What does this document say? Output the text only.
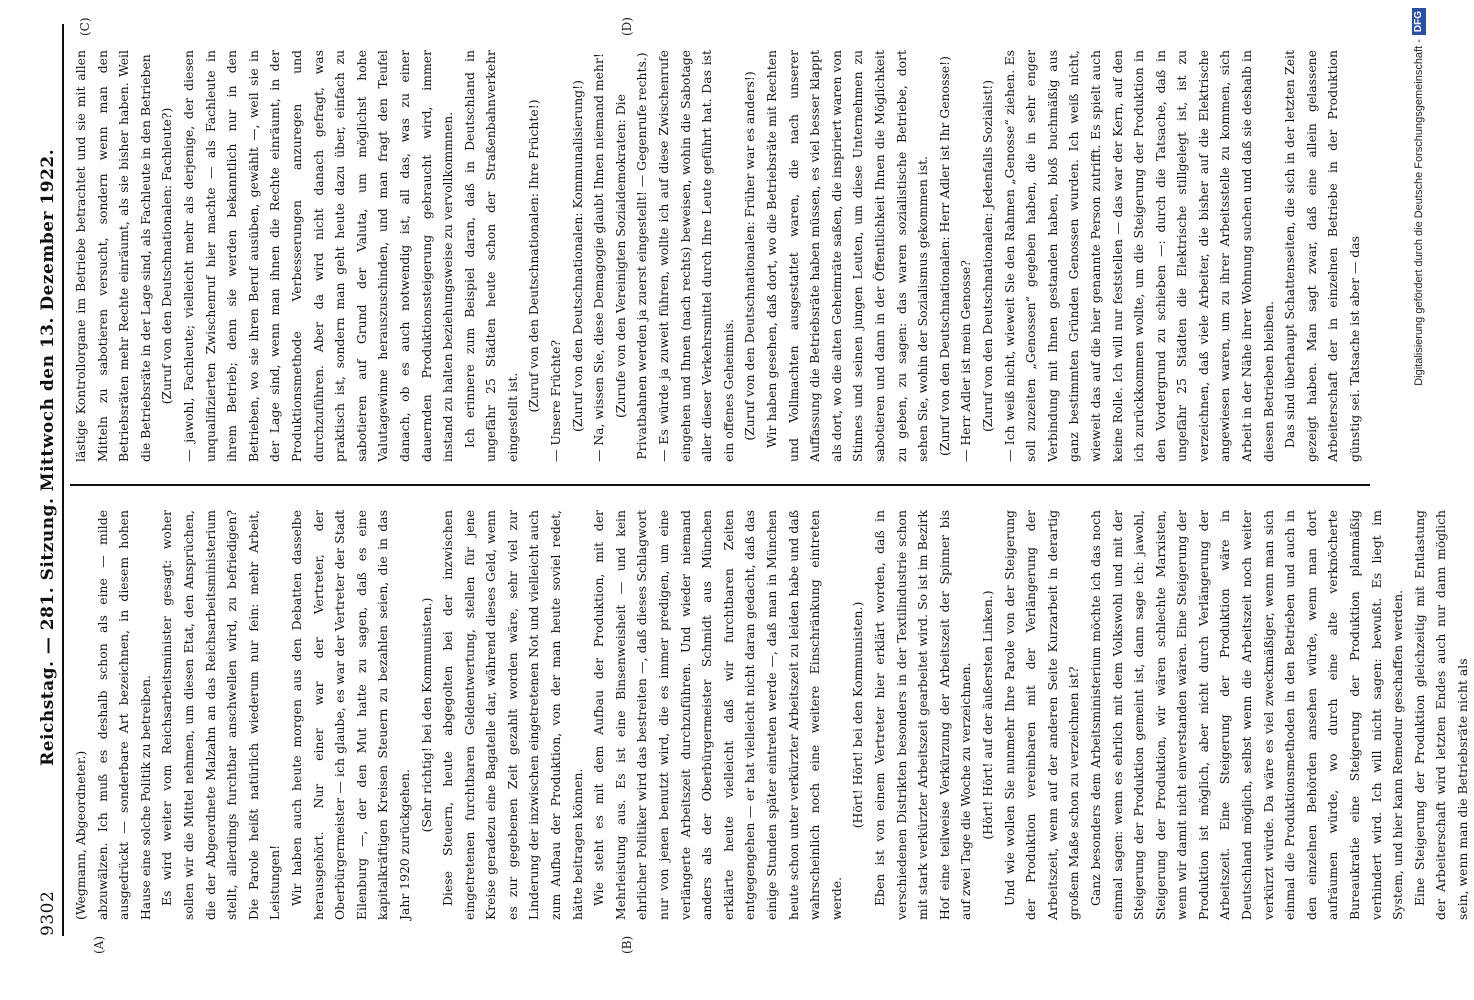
9302
Reichstag. — 281. Sitzung. Mittwoch den 13. Dezember 1922.
(A)	(B)
(C)	(D)

(Wegmann, Abgeordneter.) abzuwälzen. Ich muß es deshalb schon als eine — milde ausgedrückt — sonderbare Art bezeichnen, in diesem hohen Hause eine solche Politik zu betreiben. Es wird weiter vom Reichsarbeitsminister gesagt: woher sollen wir die Mittel nehmen, um diesen Etat, den Ansprüchen, die der Abgeordnete Malzahn an das Reichsarbeitsministerium stellt, allerdings furchtbar anschwellen wird, zu befriedigen? Die Parole heißt natürlich wiederum nur fein: mehr Arbeit, Leistungen! Wir haben auch heute morgen aus den Debatten dasselbe herausgehört. Nur einer war der Vertreter, der Oberbürgermeister — ich glaube, es war der Vertreter der Stadt Eilenburg —, der den Mut hatte zu sagen, daß es eine kapitalkräftigen Kreisen Steuern zu bezahlen seien, die in das Jahr 1920 zurückgehen.

(Sehr richtig! bei den Kommunisten.) Diese Steuern, heute abgegolten bei der inzwischen eingetretenen furchtbaren Geldentwertung, stellen für jene Kreise geradezu eine Bagatelle dar, während dieses Geld, wenn es zur gegebenen Zeit gezahlt worden wäre, sehr viel zur Linderung der inzwischen eingetretenen Not und vielleicht auch zum Aufbau der Produktion, von der man heute soviel redet, hätte beitragen können. Wie steht es mit dem Aufbau der Produktion, mit der Mehrleistung aus. Es ist eine Binsenweisheit — und kein ehrlicher Politiker wird das bestreiten —, daß dieses Schlagwort nur von jenen benutzt wird, die es immer predigen, um eine verlängerte Arbeitszeit durchzuführen. Und wieder niemand anders als der Oberbürgermeister Schmidt aus München erklärte heute vielleicht daß wir furchtbaren Zeiten entgegengehen — er hat vielleicht nicht daran gedacht, daß das einige Stunden später eintreten werde —, daß man in München heute schon unter verkürzter Arbeitszeit zu leiden habe und daß wahrscheinlich noch eine weitere Einschränkung eintreten werde.

(Hört! Hört! bei den Kommunisten.) Eben ist von einem Vertreter hier erklärt worden, daß in verschiedenen Distrikten besonders in der Textilindustrie schon mit stark verkürzter Arbeitszeit gearbeitet wird. So ist im Bezirk Hof eine teilweise Verkürzung der Arbeitszeit der Spinner bis auf zwei Tage die Woche zu verzeichnen. (Hört! Hört! auf der äußersten Linken.) Und wie wollen Sie nunmehr Ihre Parole von der Steigerung der Produktion vereinbaren mit der Verlängerung der Arbeitszeit, wenn auf der anderen Seite Kurzarbeit in derartig großem Maße schon zu verzeichnen ist? Ganz besonders dem Arbeitsministerium möchte ich das noch einmal sagen: wenn es ehrlich mit dem Volkswohl und mit der Steigerung der Produktion gemeint ist, dann sage ich: jawohl, Steigerung der Produktion, wir wären schlechte Marxisten, wenn wir damit nicht einverstanden wären. Eine Steigerung der Produktion ist möglich, aber nicht durch Verlängerung der Arbeitszeit. Eine Steigerung der Produktion wäre in Deutschland möglich, selbst wenn die Arbeitszeit noch weiter verkürzt würde. Da wäre es viel zweckmäßiger, wenn man sich einmal die Produktionsmethoden in den Betrieben und auch in den einzelnen Behörden ansehen würde, wenn man dort aufräumen würde, wo durch eine alte verknöcherte Bureaukratie eine Steigerung der Produktion planmäßig verhindert wird. Ich will nicht sagen: bewußt. Es liegt im System, und hier kann Remedur geschaffen werden. Eine Steigerung der Produktion gleichzeitig mit Entlastung der Arbeiterschaft wird letzten Endes auch nur dann möglich sein, wenn man die Betriebsräte nicht als

lästige Kontrollorgane im Betriebe betrachtet und sie mit allen Mitteln zu sabotieren versucht, sondern wenn man den Betriebsräten mehr Rechte einräumt, als sie bisher haben. Weil die Betriebsräte in der Lage sind, als Fachleute in den Betrieben (Zuruf von den Deutschnationalen: Fachleute?) — jawohl, Fachleute; vielleicht mehr als derjenige, der diesen unqualifizierten Zwischenruf hier machte — als Fachleute in ihrem Betrieb; denn sie werden bekanntlich nur in den Betrieben, wo sie ihren Beruf ausüben, gewählt —, weil sie in der Lage sind, wenn man ihnen die Rechte einräumt, in der Produktionsmethode Verbesserungen anzuregen und durchzuführen. Aber da wird nicht danach gefragt, was praktisch ist, sondern man geht heute dazu über, einfach zu sabotieren auf Grund der Valuta, um möglichst hohe Valutagewinne herauszuschinden, und man fragt den Teufel danach, ob es auch notwendig ist, all das, was zu einer dauernden Produktionssteigerung gebraucht wird, immer instand zu halten beziehungsweise zu vervollkommnen. Ich erinnere zum Beispiel daran, daß in Deutschland in ungefähr 25 Städten heute schon der Straßenbahnverkehr eingestellt ist.

(Zuruf von den Deutschnationalen: Ihre Früchte!) — Unsere Früchte? (Zuruf von den Deutschnationalen: Kommunalisierung!) — Na, wissen Sie, diese Demagogie glaubt Ihnen niemand mehr! (Zurufe von den Vereinigten Sozialdemokraten: Die Privatbahnen werden ja zuerst eingestellt! — Gegenrufe rechts.) — Es würde ja zuweit führen, wollte ich auf diese Zwischenrufe eingehen und Ihnen (nach rechts) beweisen, wohin die Sabotage aller dieser Verkehrsmittel durch Ihre Leute geführt hat. Das ist ein offenes Geheimnis. (Zuruf von den Deutschnationalen: Früher war es anders!) Wir haben gesehen, daß dort, wo die Betriebsräte mit Rechten und Vollmachten ausgestattet waren, die nach unserer Auffassung die Betriebsräte haben müssen, es viel besser klappt als dort, wo die alten Geheimräte saßen, die inspiriert waren von Stinnes und seinen jungen Leuten, um diese Unternehmen zu sabotieren und dann in der Öffentlichkeit Ihnen die Möglichkeit zu geben, zu sagen: das waren sozialistische Betriebe, dort sehen Sie, wohin der Sozialismus gekommen ist. (Zuruf von den Deutschnationalen: Herr Adler ist Ihr Genosse!) — Herr Adler ist mein Genosse? (Zuruf von den Deutschnationalen: Jedenfalls Sozialist!) — Ich weiß nicht, wieweit Sie den Rahmen „Genosse“ ziehen. Es soll zuzeiten „Genossen“ gegeben haben, die in sehr enger Verbindung mit Ihnen gestanden haben, bloß buchmäßig aus ganz bestimmten Gründen Genossen wurden. Ich weiß nicht, wieweit das auf die hier genannte Person zutrifft. Es spielt auch keine Rolle. Ich will nur feststellen — das war der Kern, auf den ich zurückkommen wollte, um die Steigerung der Produktion in den Vordergrund zu schieben —: durch die Tatsache, daß in ungefähr 25 Städten die Elektrische stillgelegt ist, ist zu verzeichnen, daß viele Arbeiter, die bisher auf die Elektrische angewiesen waren, um zu ihrer Arbeitsstelle zu kommen, sich Arbeit in der Nähe ihrer Wohnung suchen und daß sie deshalb in diesen Betrieben bleiben. Das sind überhaupt Schattenseiten, die sich in der letzten Zeit gezeigt haben. Man sagt zwar, daß eine allein gelassene Arbeiterschaft der in einzelnen Betriebe in der Produktion günstig sei. Tatsache ist aber — das	Digitalisierung gefördert durch die Deutsche Forschungsgemeinschaft -
DFG
